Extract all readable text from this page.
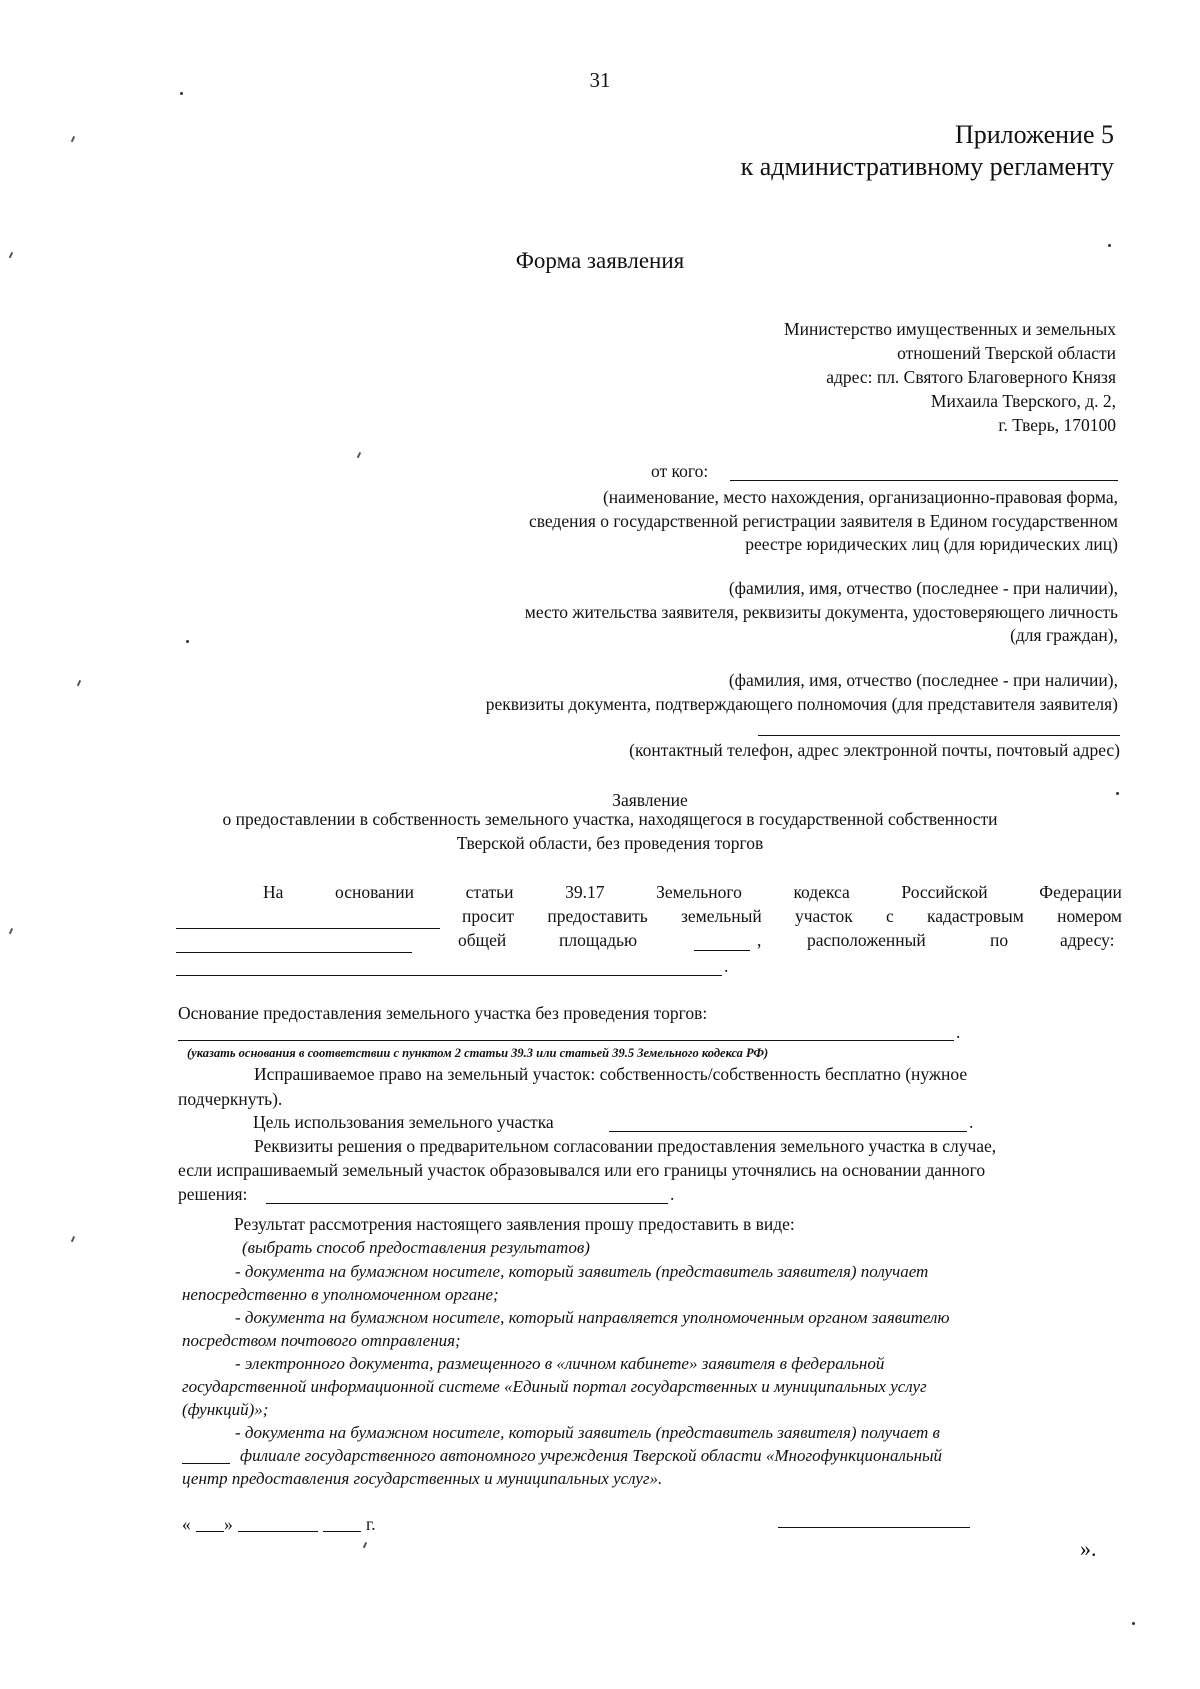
31
Приложение 5
к административному регламенту
Форма заявления
Министерство имущественных и земельных
отношений Тверской области
адрес: пл. Святого Благоверного Князя
Михаила Тверского, д. 2,
г. Тверь, 170100
от кого:
(наименование, место нахождения, организационно-правовая форма,
сведения о государственной регистрации заявителя в Едином государственном
реестре юридических лиц (для юридических лиц)
(фамилия, имя, отчество (последнее - при наличии),
место жительства заявителя, реквизиты документа, удостоверяющего личность
(для граждан),
(фамилия, имя, отчество (последнее - при наличии),
реквизиты документа, подтверждающего полномочия (для представителя заявителя)
(контактный телефон, адрес электронной почты, почтовый адрес)
Заявление
о предоставлении в собственность земельного участка, находящегося в государственной собственности
Тверской области, без проведения торгов
На	основании	статьи	39.17	Земельного	кодекса	Российской	Федерации
просит предоставить земельный участок с кадастровым номером
общей	площадью	,	расположенный	по	адресу:
.
Основание предоставления земельного участка без проведения торгов:
.
(указать основания в соответствии с пунктом 2 статьи 39.3 или статьей 39.5 Земельного кодекса РФ)
Испрашиваемое право на земельный участок: собственность/собственность бесплатно (нужное
подчеркнуть).
Цель использования земельного участка	.
Реквизиты решения о предварительном согласовании предоставления земельного участка в случае,
если испрашиваемый земельный участок образовывался или его границы уточнялись на основании данного
решения:	.
Результат рассмотрения настоящего заявления прошу предоставить в виде:
(выбрать способ предоставления результатов)
- документа на бумажном носителе, который заявитель (представитель заявителя) получает
непосредственно в уполномоченном органе;
- документа на бумажном носителе, который направляется уполномоченным органом заявителю
посредством почтового отправления;
- электронного документа, размещенного в «личном кабинете» заявителя в федеральной
государственной информационной системе «Единый портал государственных и муниципальных услуг
(функций)»;
- документа на бумажном носителе, который заявитель (представитель заявителя) получает в
филиале государственного автономного учреждения Тверской области «Многофункциональный
центр предоставления государственных и муниципальных услуг».
« »	г.
».
